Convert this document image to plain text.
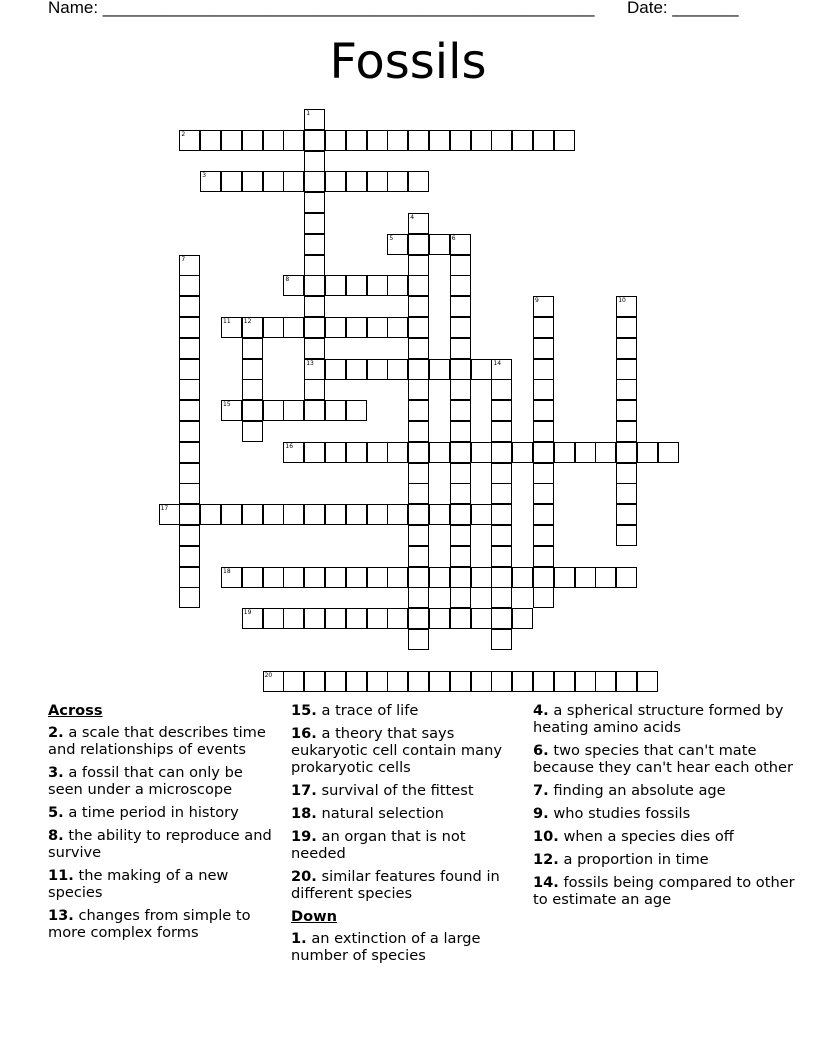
Name: ____________________________________________________ Date: _______
Fossils
1
13
2
3
4
5	6
7
8
9	10
11 12
14
15
16
17
18
19
20
Across
2. a scale that describes time and relationships of events
3. a fossil that can only be seen under a microscope
5. a time period in history
8. the ability to reproduce and survive
11. the making of a new species
13. changes from simple to more complex forms
15. a trace of life
16. a theory that says eukaryotic cell contain many prokaryotic cells
17. survival of the fittest
18. natural selection
19. an organ that is not needed
20. similar features found in different species
Down
1. an extinction of a large number of species
4. a spherical structure formed by heating amino acids
6. two species that can't mate because they can't hear each other
7. finding an absolute age
9. who studies fossils
10. when a species dies off
12. a proportion in time
14. fossils being compared to other to estimate an age
